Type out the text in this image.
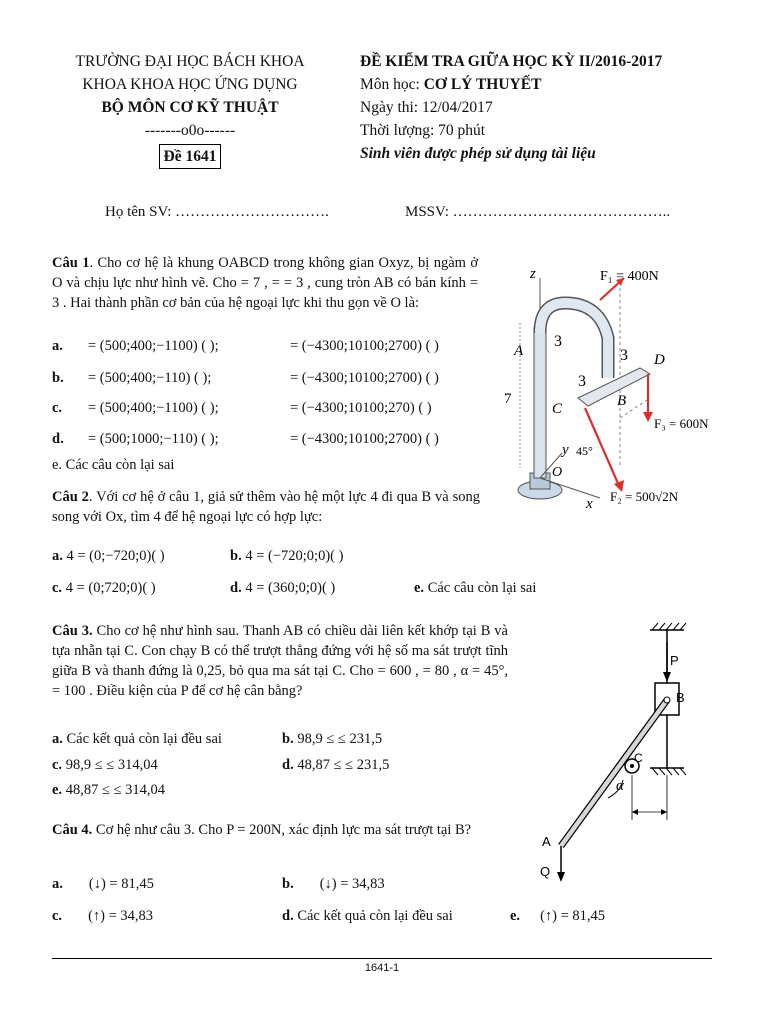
TRƯỜNG ĐẠI HỌC BÁCH KHOA
KHOA KHOA HỌC ỨNG DỤNG
BỘ MÔN CƠ KỸ THUẬT
-------o0o------
Đề 1641
ĐỀ KIỂM TRA GIỮA HỌC KỲ II/2016-2017
Môn học: CƠ LÝ THUYẾT
Ngày thi: 12/04/2017
Thời lượng: 70 phút
Sinh viên được phép sử dụng tài liệu
Họ tên SV: ………………………….	MSSV: ……………………………………..
Câu 1. Cho cơ hệ là khung OABCD trong không gian Oxyz, bị ngàm ở O và chịu lực như hình vẽ. Cho = 7 , = = 3 , cung tròn AB có bán kính = 3 . Hai thành phần cơ bản của hệ ngoại lực khi thu gọn về O là:
a. = (500;400;−1100) ( );	= (−4300;10100;2700) ( )
b. = (500;400;−110) ( );	= (−4300;10100;2700) ( )
c. = (500;400;−1100) ( );	= (−4300;10100;270) ( )
d. = (500;1000;−110) ( );	= (−4300;10100;2700) ( )
e. Các câu còn lại sai
z
x
y
O
7
A
3
3
3
D
B
C
F₁ = 400N
F₃ = 600N
45°
F₂ = 500√2N
Câu 2. Với cơ hệ ở câu 1, giả sử thêm vào hệ một lực 4 đi qua B và song song với Ox, tìm 4 để hệ ngoại lực có hợp lực:
a. 4 = (0;−720;0)( )	b. 4 = (−720;0;0)( )
c. 4 = (0;720;0)( )	d. 4 = (360;0;0)( )	e. Các câu còn lại sai
Câu 3. Cho cơ hệ như hình sau. Thanh AB có chiều dài liên kết khớp tại B và tựa nhẵn tại C. Con chạy B có thể trượt thẳng đứng với hệ số ma sát trượt tĩnh giữa B và thanh đứng là 0,25, bỏ qua ma sát tại C. Cho = 600 , = 80 , α = 45°, = 100 . Điều kiện của P để cơ hệ cân bằng?
a. Các kết quả còn lại đều sai	b. 98,9 ≤ ≤ 231,5
c. 98,9 ≤ ≤ 314,04	d. 48,87 ≤ ≤ 231,5
e. 48,87 ≤ ≤ 314,04
P
B
C
α
A
Q
Câu 4. Cơ hệ như câu 3. Cho P = 200N, xác định lực ma sát trượt tại B?
a. (↓) = 81,45	b. (↓) = 34,83
c. (↑) = 34,83	d. Các kết quả còn lại đều sai	e. (↑) = 81,45
1641-1
